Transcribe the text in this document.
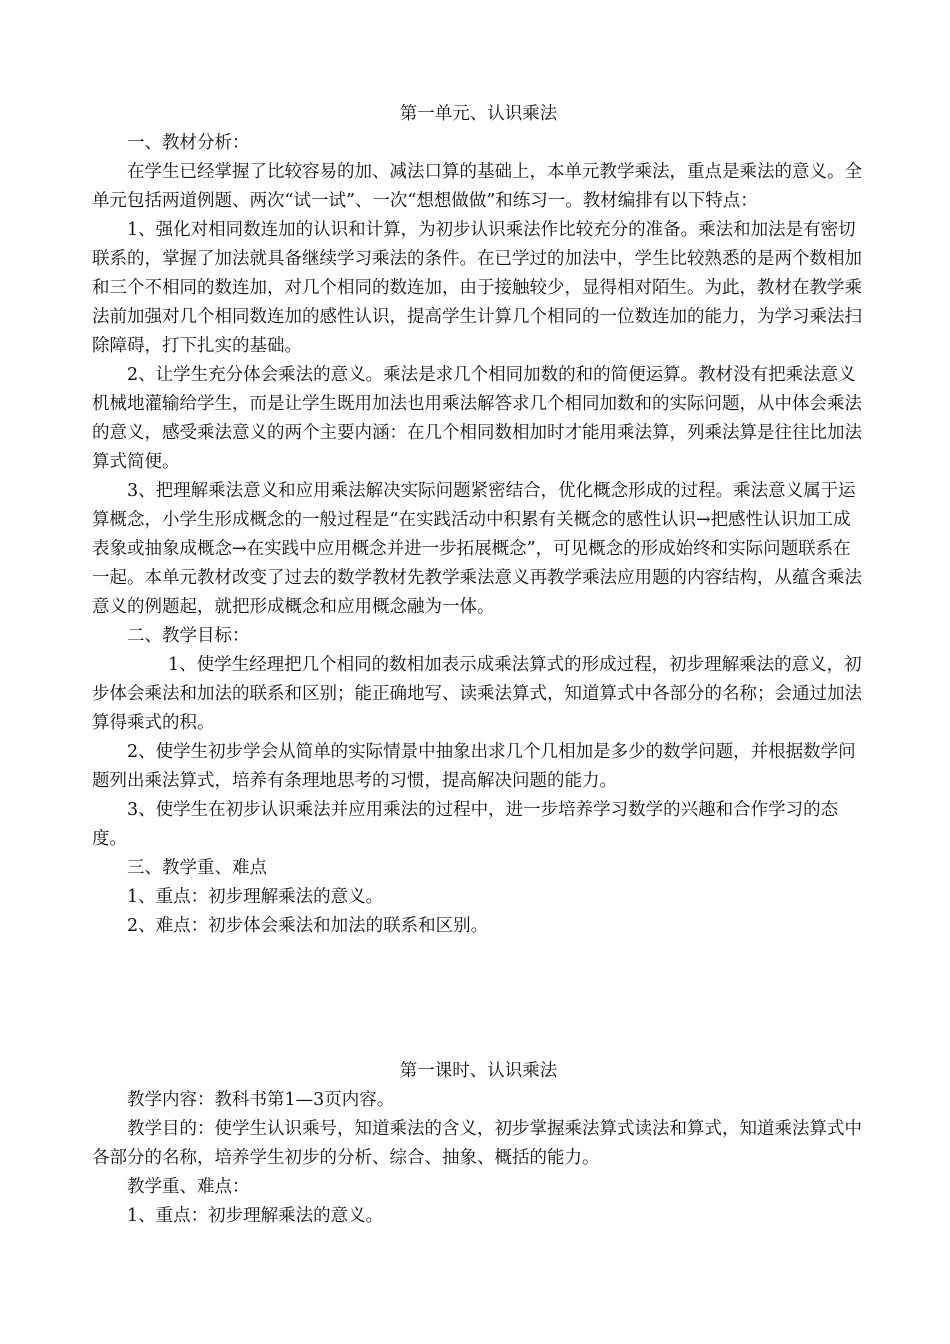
第一单元、认识乘法

一、教材分析：

在学生已经掌握了比较容易的加、减法口算的基础上，本单元教学乘法，重点是乘法的意义。全单元包括两道例题、两次“试一试”、一次“想想做做”和练习一。教材编排有以下特点：

1、强化对相同数连加的认识和计算，为初步认识乘法作比较充分的准备。乘法和加法是有密切联系的，掌握了加法就具备继续学习乘法的条件。在已学过的加法中，学生比较熟悉的是两个数相加和三个不相同的数连加，对几个相同的数连加，由于接触较少，显得相对陌生。为此，教材在教学乘法前加强对几个相同数连加的感性认识，提高学生计算几个相同的一位数连加的能力，为学习乘法扫除障碍，打下扎实的基础。

2、让学生充分体会乘法的意义。乘法是求几个相同加数的和的简便运算。教材没有把乘法意义机械地灌输给学生，而是让学生既用加法也用乘法解答求几个相同加数和的实际问题，从中体会乘法的意义，感受乘法意义的两个主要内涵：在几个相同数相加时才能用乘法算，列乘法算是往往比加法算式简便。

3、把理解乘法意义和应用乘法解决实际问题紧密结合，优化概念形成的过程。乘法意义属于运算概念，小学生形成概念的一般过程是“在实践活动中积累有关概念的感性认识→把感性认识加工成表象或抽象成概念→在实践中应用概念并进一步拓展概念”，可见概念的形成始终和实际问题联系在一起。本单元教材改变了过去的数学教材先教学乘法意义再教学乘法应用题的内容结构，从蕴含乘法意义的例题起，就把形成概念和应用概念融为一体。

二、教学目标：

1、使学生经理把几个相同的数相加表示成乘法算式的形成过程，初步理解乘法的意义，初步体会乘法和加法的联系和区别；能正确地写、读乘法算式，知道算式中各部分的名称；会通过加法算得乘式的积。

2、使学生初步学会从简单的实际情景中抽象出求几个几相加是多少的数学问题，并根据数学问题列出乘法算式，培养有条理地思考的习惯，提高解决问题的能力。

3、使学生在初步认识乘法并应用乘法的过程中，进一步培养学习数学的兴趣和合作学习的态度。

三、教学重、难点

1、重点：初步理解乘法的意义。

2、难点：初步体会乘法和加法的联系和区别。

第一课时、认识乘法

教学内容：教科书第1—3页内容。

教学目的：使学生认识乘号，知道乘法的含义，初步掌握乘法算式读法和算式，知道乘法算式中各部分的名称，培养学生初步的分析、综合、抽象、概括的能力。

教学重、难点：

1、重点：初步理解乘法的意义。
